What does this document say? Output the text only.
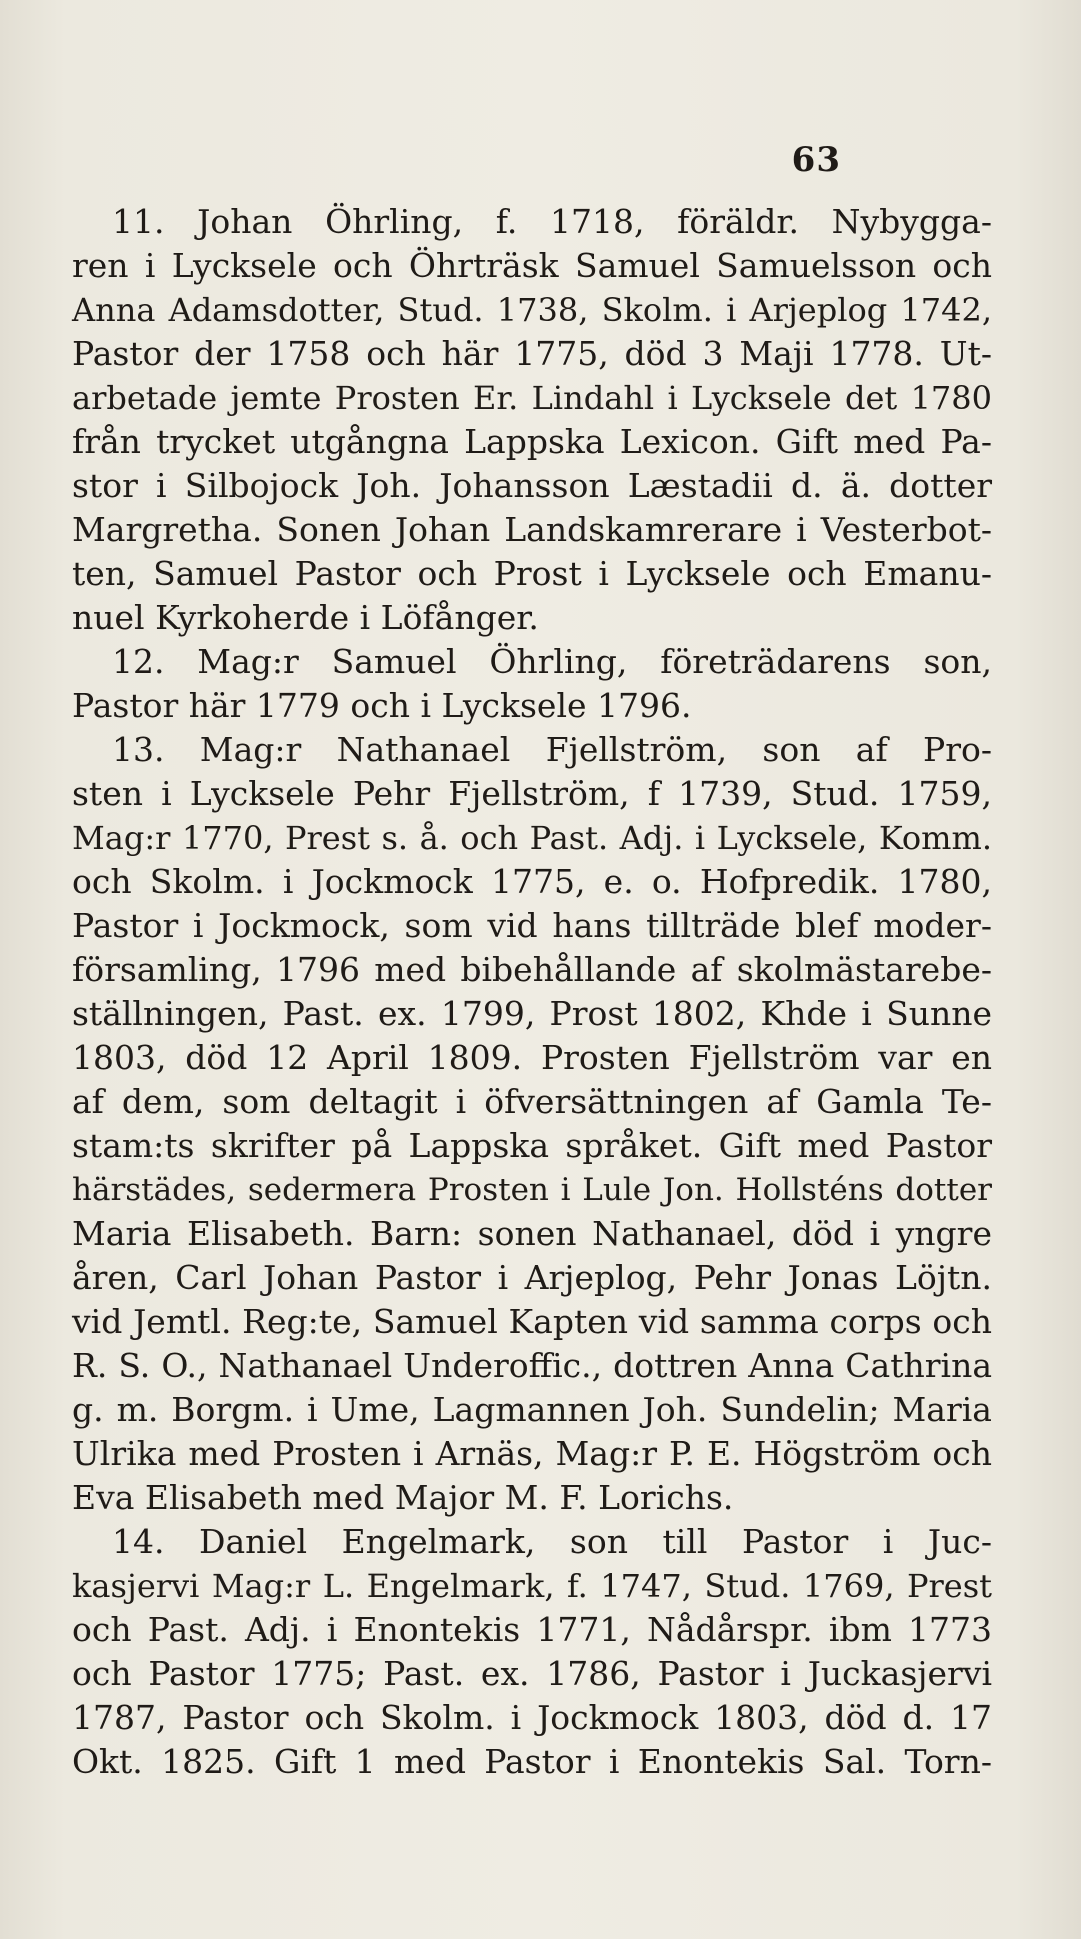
63
11. Johan Öhrling, f. 1718, föräldr. Nybygga-
ren i Lycksele och Öhrträsk Samuel Samuelsson och
Anna Adamsdotter, Stud. 1738, Skolm. i Arjeplog 1742,
Pastor der 1758 och här 1775, död 3 Maji 1778. Ut-
arbetade jemte Prosten Er. Lindahl i Lycksele det 1780
från trycket utgångna Lappska Lexicon. Gift med Pa-
stor i Silbojock Joh. Johansson Læstadii d. ä. dotter
Margretha. Sonen Johan Landskamrerare i Vesterbot-
ten, Samuel Pastor och Prost i Lycksele och Emanu-
nuel Kyrkoherde i Löfånger.
12. Mag:r Samuel Öhrling, företrädarens son,
Pastor här 1779 och i Lycksele 1796.
13. Mag:r Nathanael Fjellström, son af Pro-
sten i Lycksele Pehr Fjellström, f 1739, Stud. 1759,
Mag:r 1770, Prest s. å. och Past. Adj. i Lycksele, Komm.
och Skolm. i Jockmock 1775, e. o. Hofpredik. 1780,
Pastor i Jockmock, som vid hans tillträde blef moder-
församling, 1796 med bibehållande af skolmästarebe-
ställningen, Past. ex. 1799, Prost 1802, Khde i Sunne
1803, död 12 April 1809. Prosten Fjellström var en
af dem, som deltagit i öfversättningen af Gamla Te-
stam:ts skrifter på Lappska språket. Gift med Pastor
härstädes, sedermera Prosten i Lule Jon. Hollsténs dotter
Maria Elisabeth. Barn: sonen Nathanael, död i yngre
åren, Carl Johan Pastor i Arjeplog, Pehr Jonas Löjtn.
vid Jemtl. Reg:te, Samuel Kapten vid samma corps och
R. S. O., Nathanael Underoffic., dottren Anna Cathrina
g. m. Borgm. i Ume, Lagmannen Joh. Sundelin; Maria
Ulrika med Prosten i Arnäs, Mag:r P. E. Högström och
Eva Elisabeth med Major M. F. Lorichs.
14. Daniel Engelmark, son till Pastor i Juc-
kasjervi Mag:r L. Engelmark, f. 1747, Stud. 1769, Prest
och Past. Adj. i Enontekis 1771, Nådårspr. ibm 1773
och Pastor 1775; Past. ex. 1786, Pastor i Juckasjervi
1787, Pastor och Skolm. i Jockmock 1803, död d. 17
Okt. 1825. Gift 1 med Pastor i Enontekis Sal. Torn-
